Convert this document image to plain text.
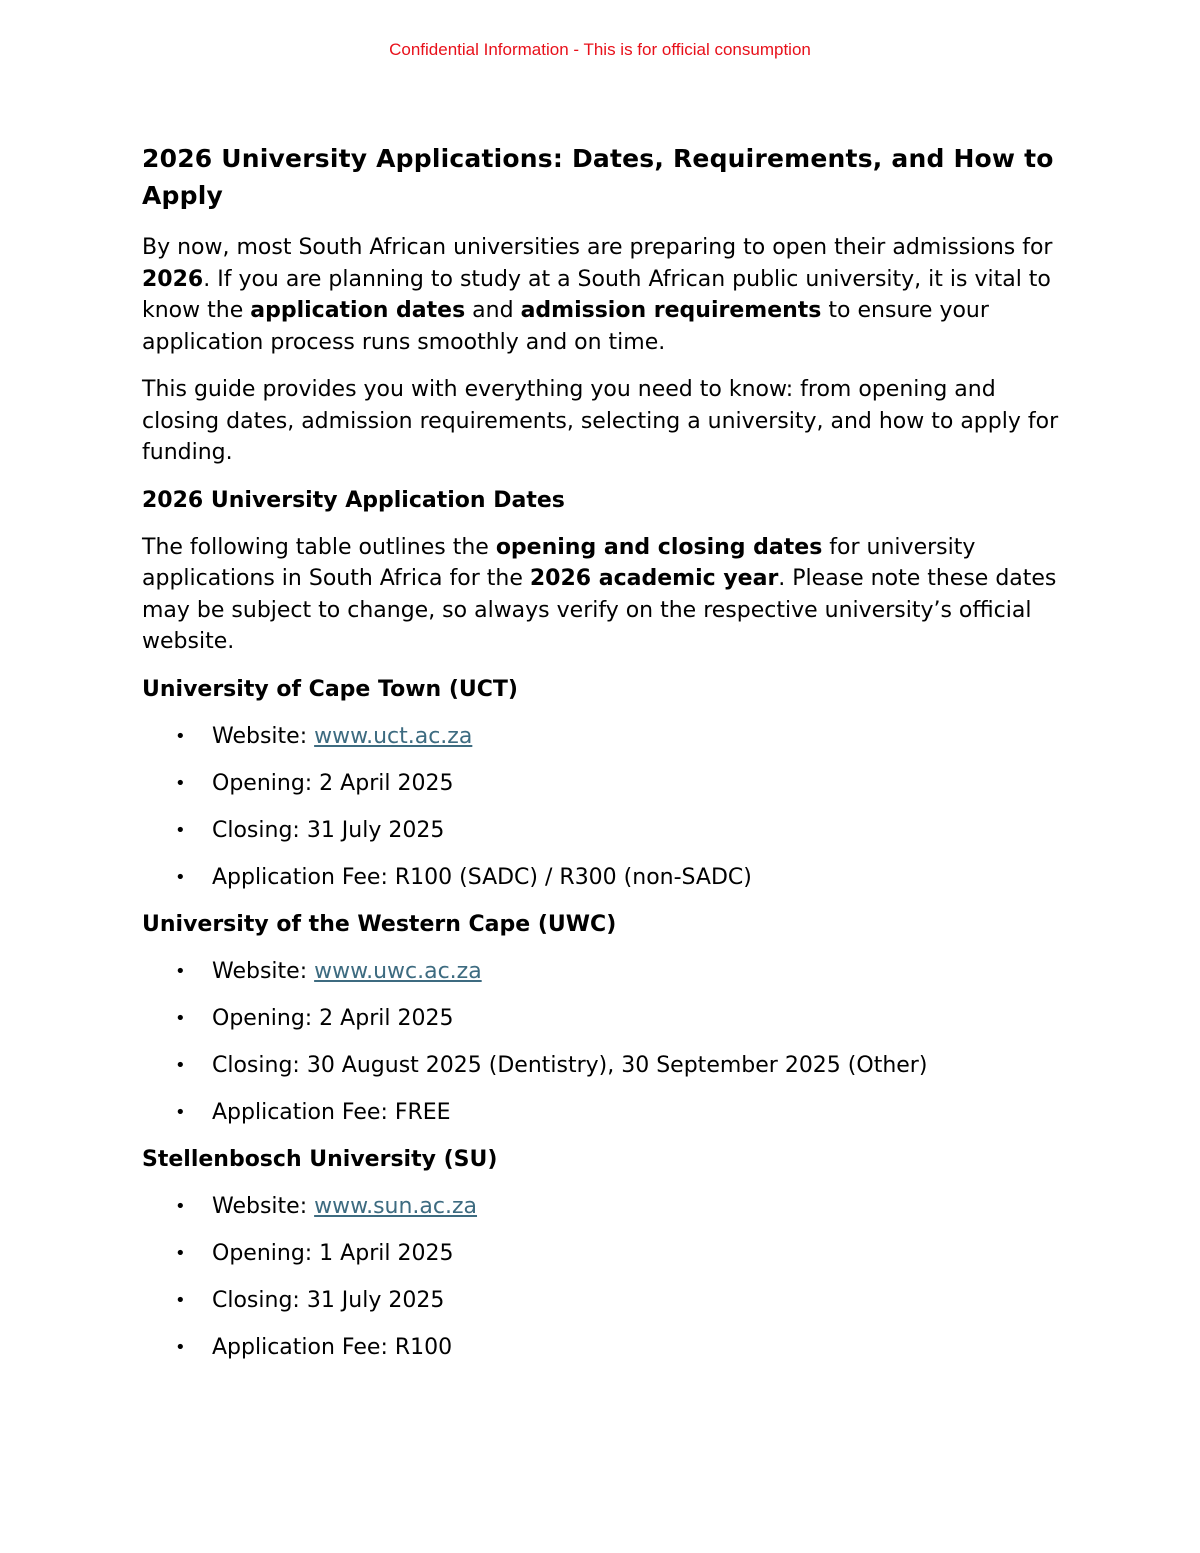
Confidential Information - This is for official consumption
2026 University Applications: Dates, Requirements, and How to Apply

By now, most South African universities are preparing to open their admissions for 2026. If you are planning to study at a South African public university, it is vital to know the application dates and admission requirements to ensure your application process runs smoothly and on time.

This guide provides you with everything you need to know: from opening and closing dates, admission requirements, selecting a university, and how to apply for funding.

2026 University Application Dates

The following table outlines the opening and closing dates for university applications in South Africa for the 2026 academic year. Please note these dates may be subject to change, so always verify on the respective university’s official website.

University of Cape Town (UCT)
• Website: www.uct.ac.za
• Opening: 2 April 2025
• Closing: 31 July 2025
• Application Fee: R100 (SADC) / R300 (non-SADC)
University of the Western Cape (UWC)
• Website: www.uwc.ac.za
• Opening: 2 April 2025
• Closing: 30 August 2025 (Dentistry), 30 September 2025 (Other)
• Application Fee: FREE
Stellenbosch University (SU)
• Website: www.sun.ac.za
• Opening: 1 April 2025
• Closing: 31 July 2025
• Application Fee: R100
